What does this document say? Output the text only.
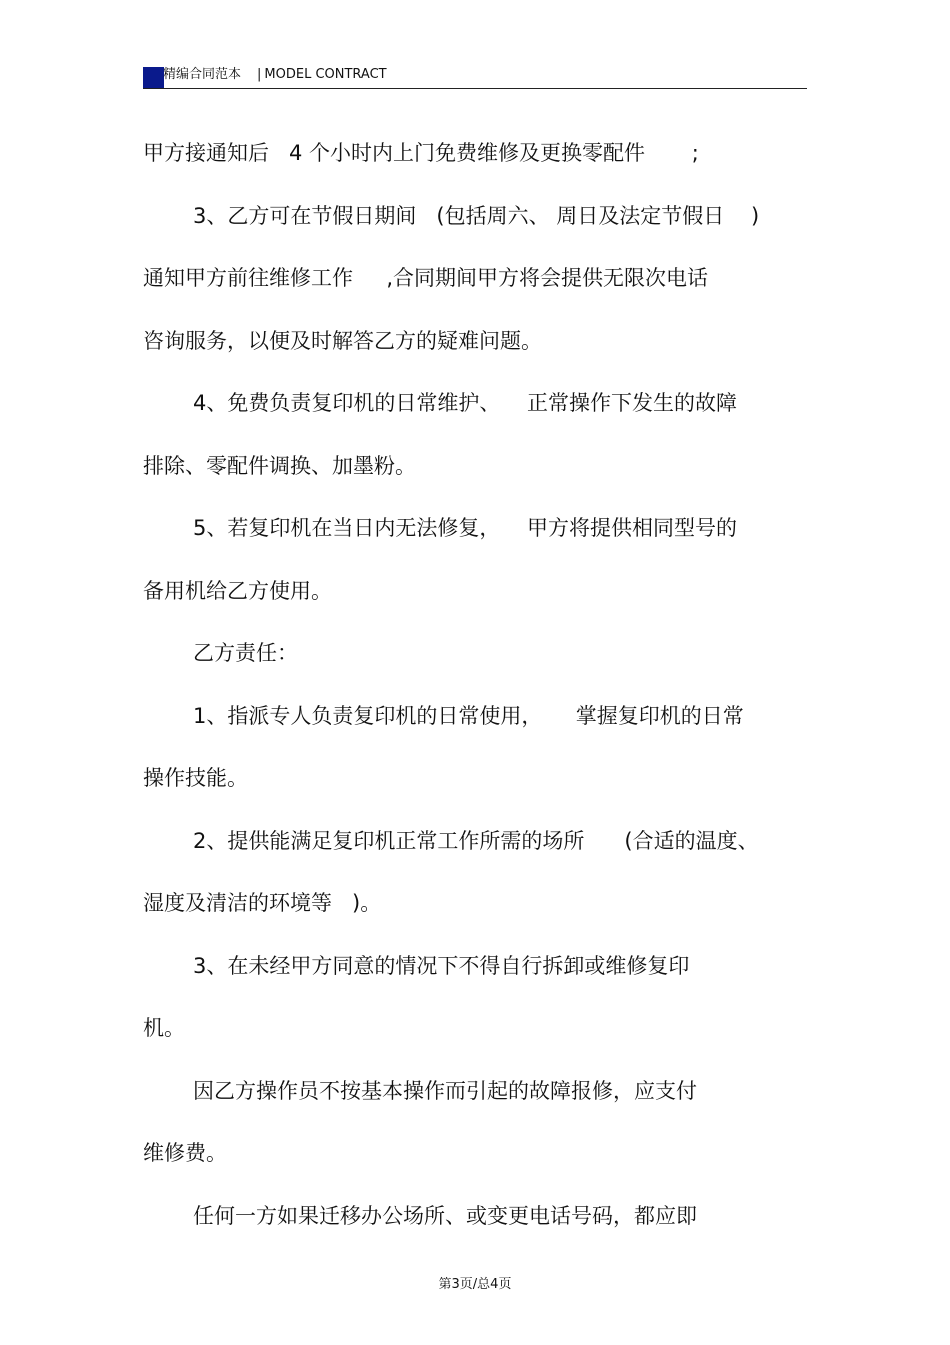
精编合同范本 | MODEL CONTRACT
甲方接通知后   4 个小时内上门免费维修及更换零配件       ;
3、乙方可在节假日期间   (包括周六、 周日及法定节假日    )
通知甲方前往维修工作     ,合同期间甲方将会提供无限次电话
咨询服务，以便及时解答乙方的疑难问题。
4、免费负责复印机的日常维护、    正常操作下发生的故障
排除、零配件调换、加墨粉。
5、若复印机在当日内无法修复，    甲方将提供相同型号的
备用机给乙方使用。
乙方责任：
1、指派专人负责复印机的日常使用，     掌握复印机的日常
操作技能。
2、提供能满足复印机正常工作所需的场所      (合适的温度、
湿度及清洁的环境等   )。
3、在未经甲方同意的情况下不得自行拆卸或维修复印
机。
因乙方操作员不按基本操作而引起的故障报修，应支付
维修费。
任何一方如果迁移办公场所、或变更电话号码，都应即
第3页/总4页
